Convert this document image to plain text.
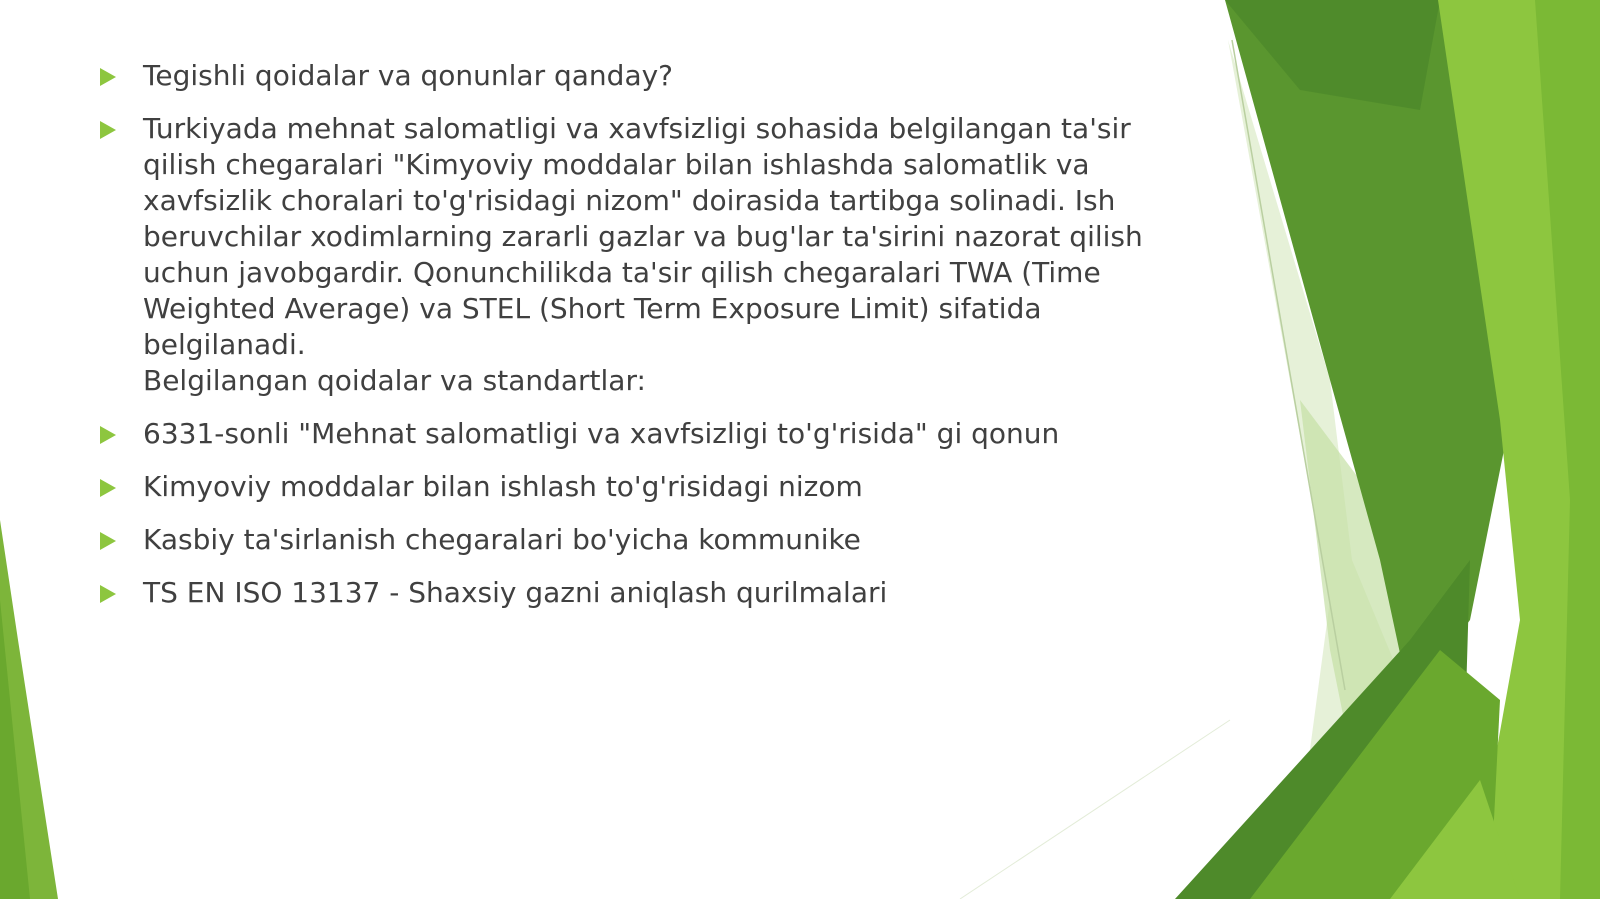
Tegishli qoidalar va qonunlar qanday?
Turkiyada mehnat salomatligi va xavfsizligi sohasida belgilangan ta'sir qilish chegaralari "Kimyoviy moddalar bilan ishlashda salomatlik va xavfsizlik choralari to'g'risidagi nizom" doirasida tartibga solinadi. Ish beruvchilar xodimlarning zararli gazlar va bug'lar ta'sirini nazorat qilish uchun javobgardir. Qonunchilikda ta'sir qilish chegaralari TWA (Time Weighted Average) va STEL (Short Term Exposure Limit) sifatida belgilanadi.
Belgilangan qoidalar va standartlar:
6331-sonli "Mehnat salomatligi va xavfsizligi to'g'risida" gi qonun
Kimyoviy moddalar bilan ishlash to'g'risidagi nizom
Kasbiy ta'sirlanish chegaralari bo'yicha kommunike
TS EN ISO 13137 - Shaxsiy gazni aniqlash qurilmalari
